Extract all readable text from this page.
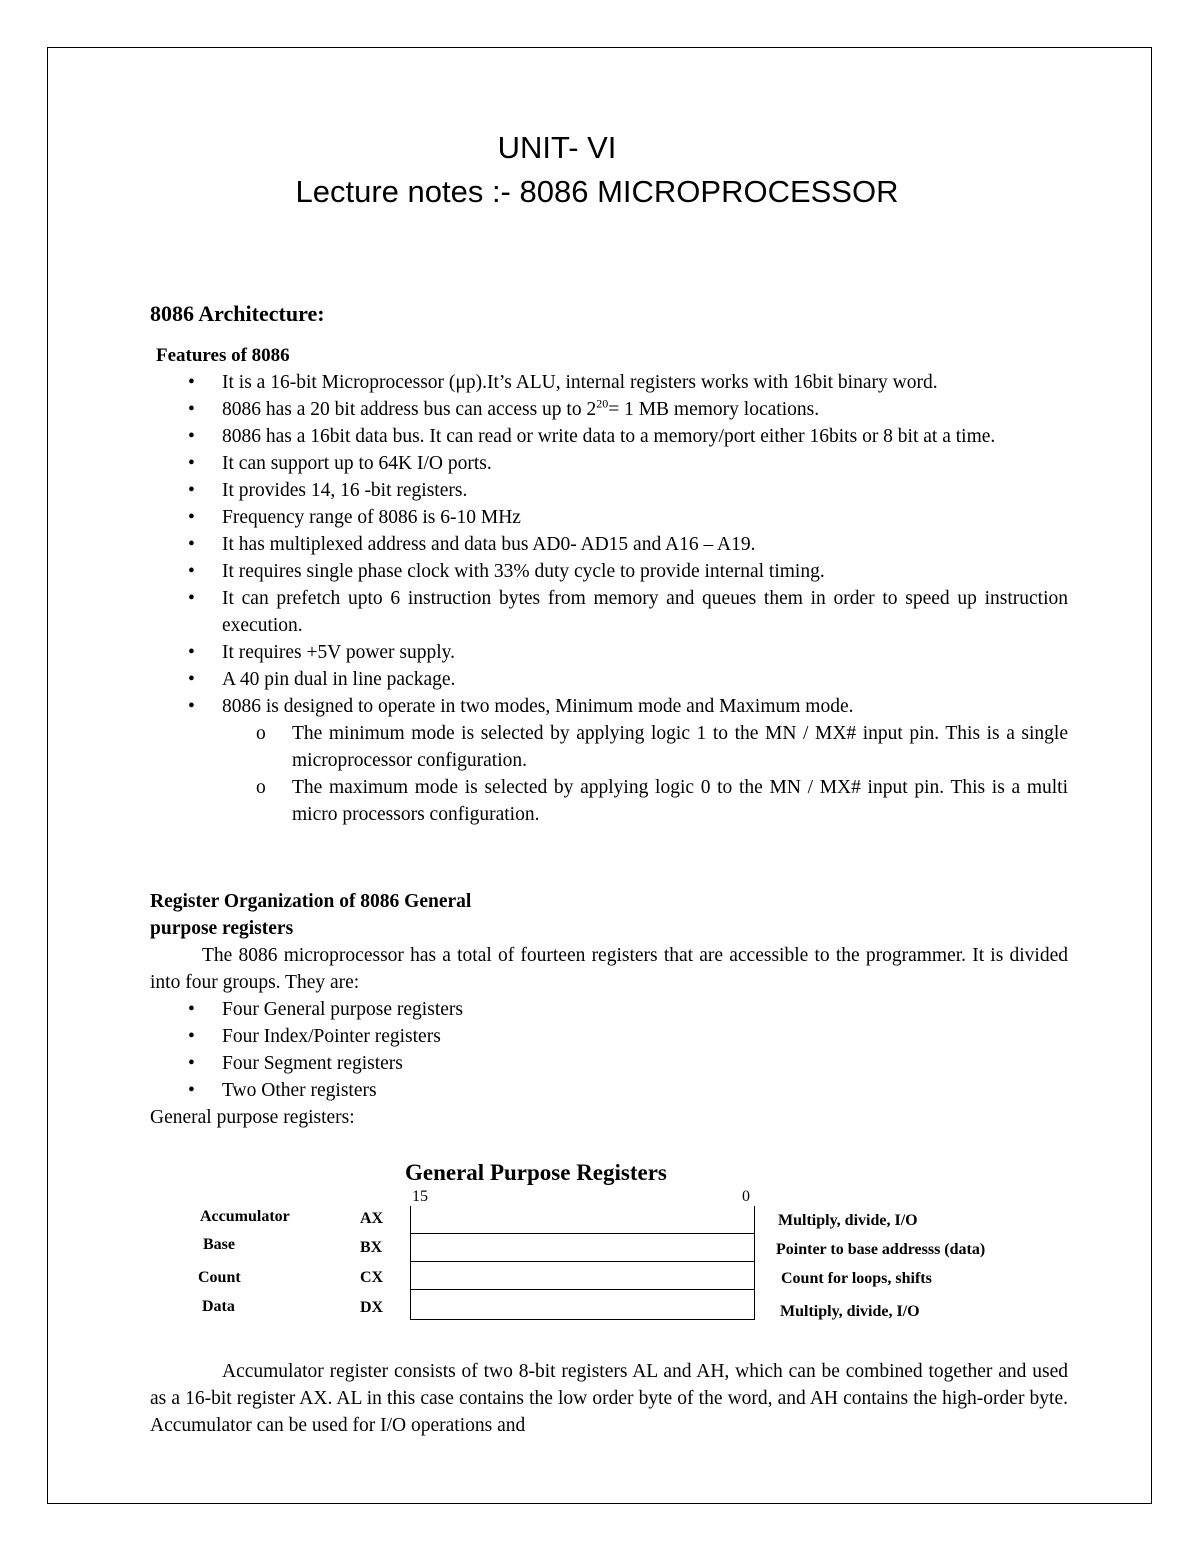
UNIT- VI
Lecture notes :- 8086 MICROPROCESSOR
8086 Architecture:
Features of 8086
• It is a 16-bit Microprocessor (μp).It’s ALU, internal registers works with 16bit binary word.
• 8086 has a 20 bit address bus can access up to $2^{20}= 1$ MB memory locations.
• 8086 has a 16bit data bus. It can read or write data to a memory/port either 16bits or 8 bit at a time.
• It can support up to 64K I/O ports.
• It provides 14, 16 -bit registers.
• Frequency range of 8086 is 6-10 MHz
• It has multiplexed address and data bus AD0- AD15 and A16 – A19.
• It requires single phase clock with 33% duty cycle to provide internal timing.
• It can prefetch upto 6 instruction bytes from memory and queues them in order to speed up instruction execution.
• It requires +5V power supply.
• A 40 pin dual in line package.
• 8086 is designed to operate in two modes, Minimum mode and Maximum mode.
o The minimum mode is selected by applying logic 1 to the MN / MX# input pin. This is a single microprocessor configuration.
o The maximum mode is selected by applying logic 0 to the MN / MX# input pin. This is a multi micro processors configuration.
Register Organization of 8086 General
purpose registers
The 8086 microprocessor has a total of fourteen registers that are accessible to the programmer. It is divided into four groups. They are:
• Four General purpose registers
• Four Index/Pointer registers
• Four Segment registers
• Two Other registers
General purpose registers:
General Purpose Registers
15	0
Accumulator
Base
Count
Data
AX
BX
CX
DX
Multiply, divide, I/O
Pointer to base addresss (data)
Count for loops, shifts
Multiply, divide, I/O
Accumulator register consists of two 8-bit registers AL and AH, which can be combined together and used as a 16-bit register AX. AL in this case contains the low order byte of the word, and AH contains the high-order byte. Accumulator can be used for I/O operations and
